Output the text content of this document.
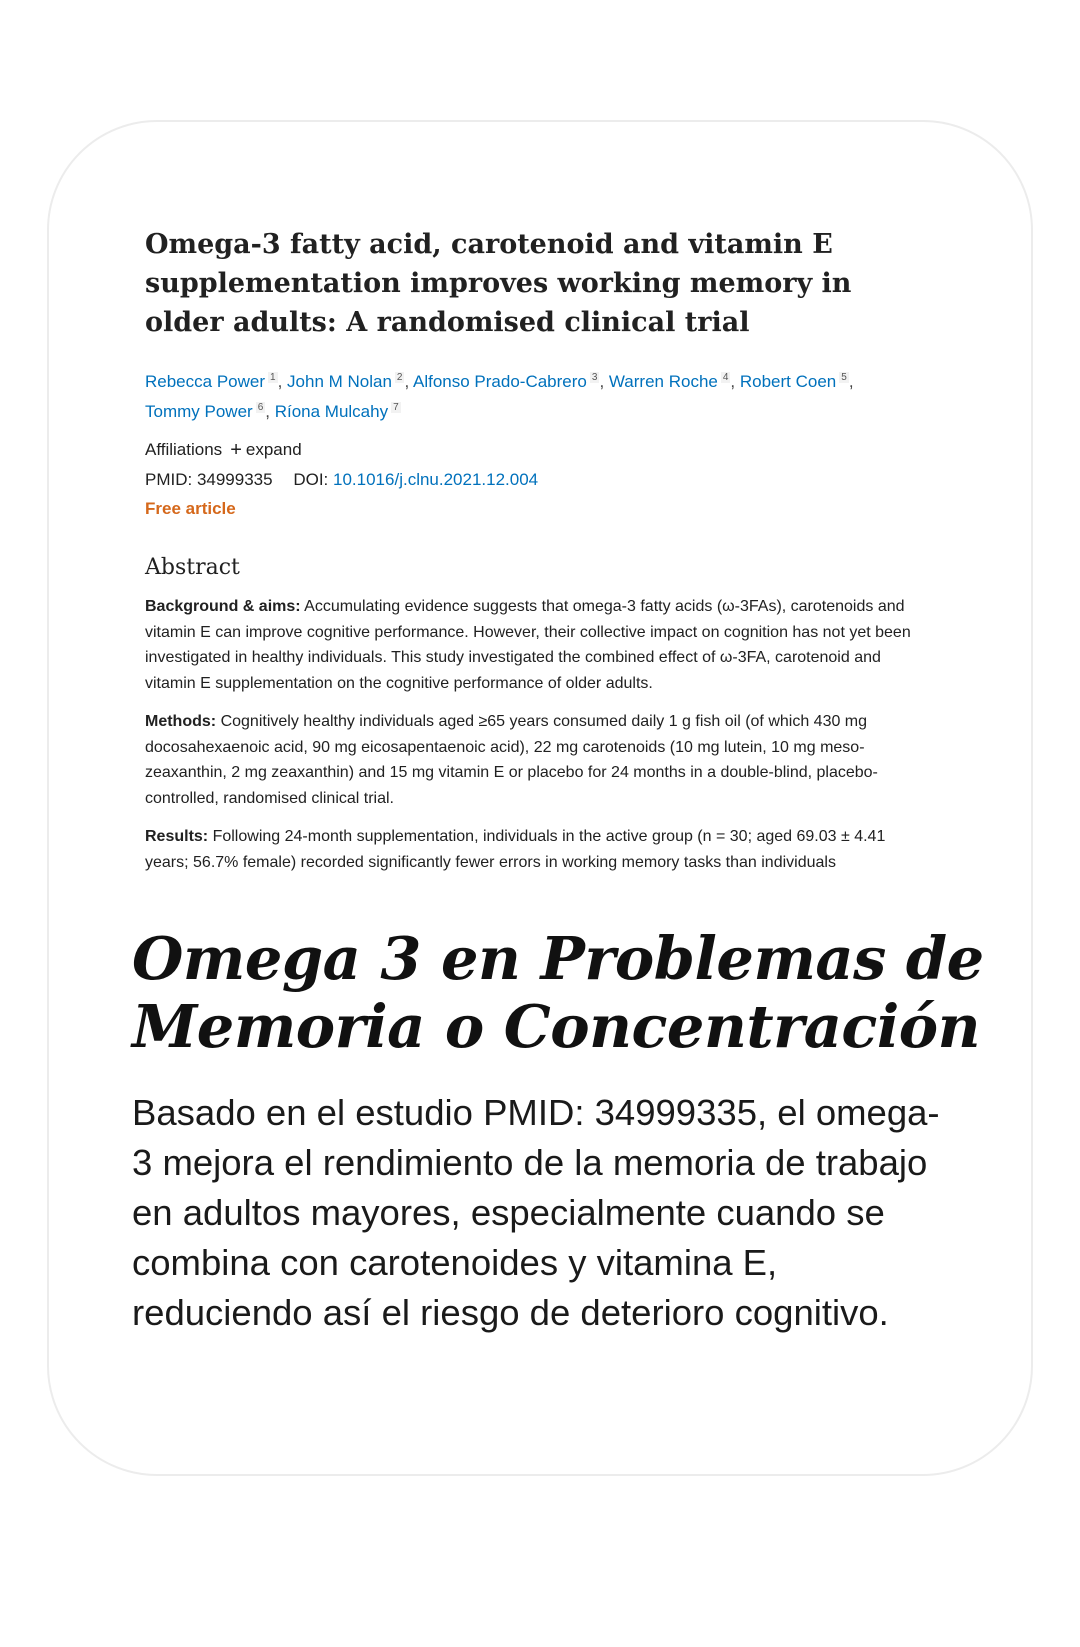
Omega-3 fatty acid, carotenoid and vitamin E supplementation improves working memory in older adults: A randomised clinical trial
Rebecca Power $^1$ , John M Nolan $^2$ , Alfonso Prado-Cabrero $^3$ , Warren Roche $^4$ , Robert Coen $^5$ ,
Tommy Power $^6$ , Ríona Mulcahy $^7$
Affiliations + expand
PMID: 34999335 DOI: 10.1016/j.clnu.2021.12.004
Free article
Abstract

Background & aims: Accumulating evidence suggests that omega-3 fatty acids (ω-3FAs), carotenoids and vitamin E can improve cognitive performance. However, their collective impact on cognition has not yet been investigated in healthy individuals. This study investigated the combined effect of ω-3FA, carotenoid and vitamin E supplementation on the cognitive performance of older adults.

Methods: Cognitively healthy individuals aged ≥65 years consumed daily 1 g fish oil (of which 430 mg docosahexaenoic acid, 90 mg eicosapentaenoic acid), 22 mg carotenoids (10 mg lutein, 10 mg meso-zeaxanthin, 2 mg zeaxanthin) and 15 mg vitamin E or placebo for 24 months in a double-blind, placebo-controlled, randomised clinical trial.

Results: Following 24-month supplementation, individuals in the active group (n = 30; aged 69.03 ± 4.41 years; 56.7% female) recorded significantly fewer errors in working memory tasks than individuals

Omega 3 en Problemas de Memoria o Concentración

Basado en el estudio PMID: 34999335, el omega-3 mejora el rendimiento de la memoria de trabajo en adultos mayores, especialmente cuando se combina con carotenoides y vitamina E, reduciendo así el riesgo de deterioro cognitivo.
